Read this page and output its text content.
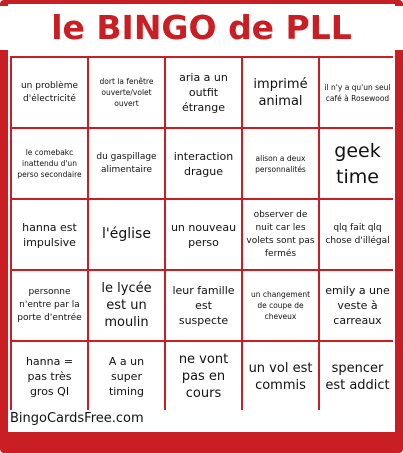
le BINGO de PLL
un problème d'électricité
dort la fenêtre ouverte/volet ouvert
aria a un outfit étrange
imprimé animal
il n'y a qu'un seul café à Rosewood
le comebakc inattendu d'un perso secondaire
du gaspillage alimentaire
interaction drague
alison a deux personnalités
geek time
hanna est impulsive	l'église	un nouveau perso
observer de nuit car les volets sont pas fermés
qlq fait qlq chose d'illégal
personne n'entre par la porte d'entrée
le lycée est un moulin
leur famille est suspecte
un changement de coupe de cheveux
emily a une veste à carreaux
hanna = pas très gros QI
A a un super timing
ne vont pas en cours
un vol est commis
spencer est addict
BingoCardsFree.com
